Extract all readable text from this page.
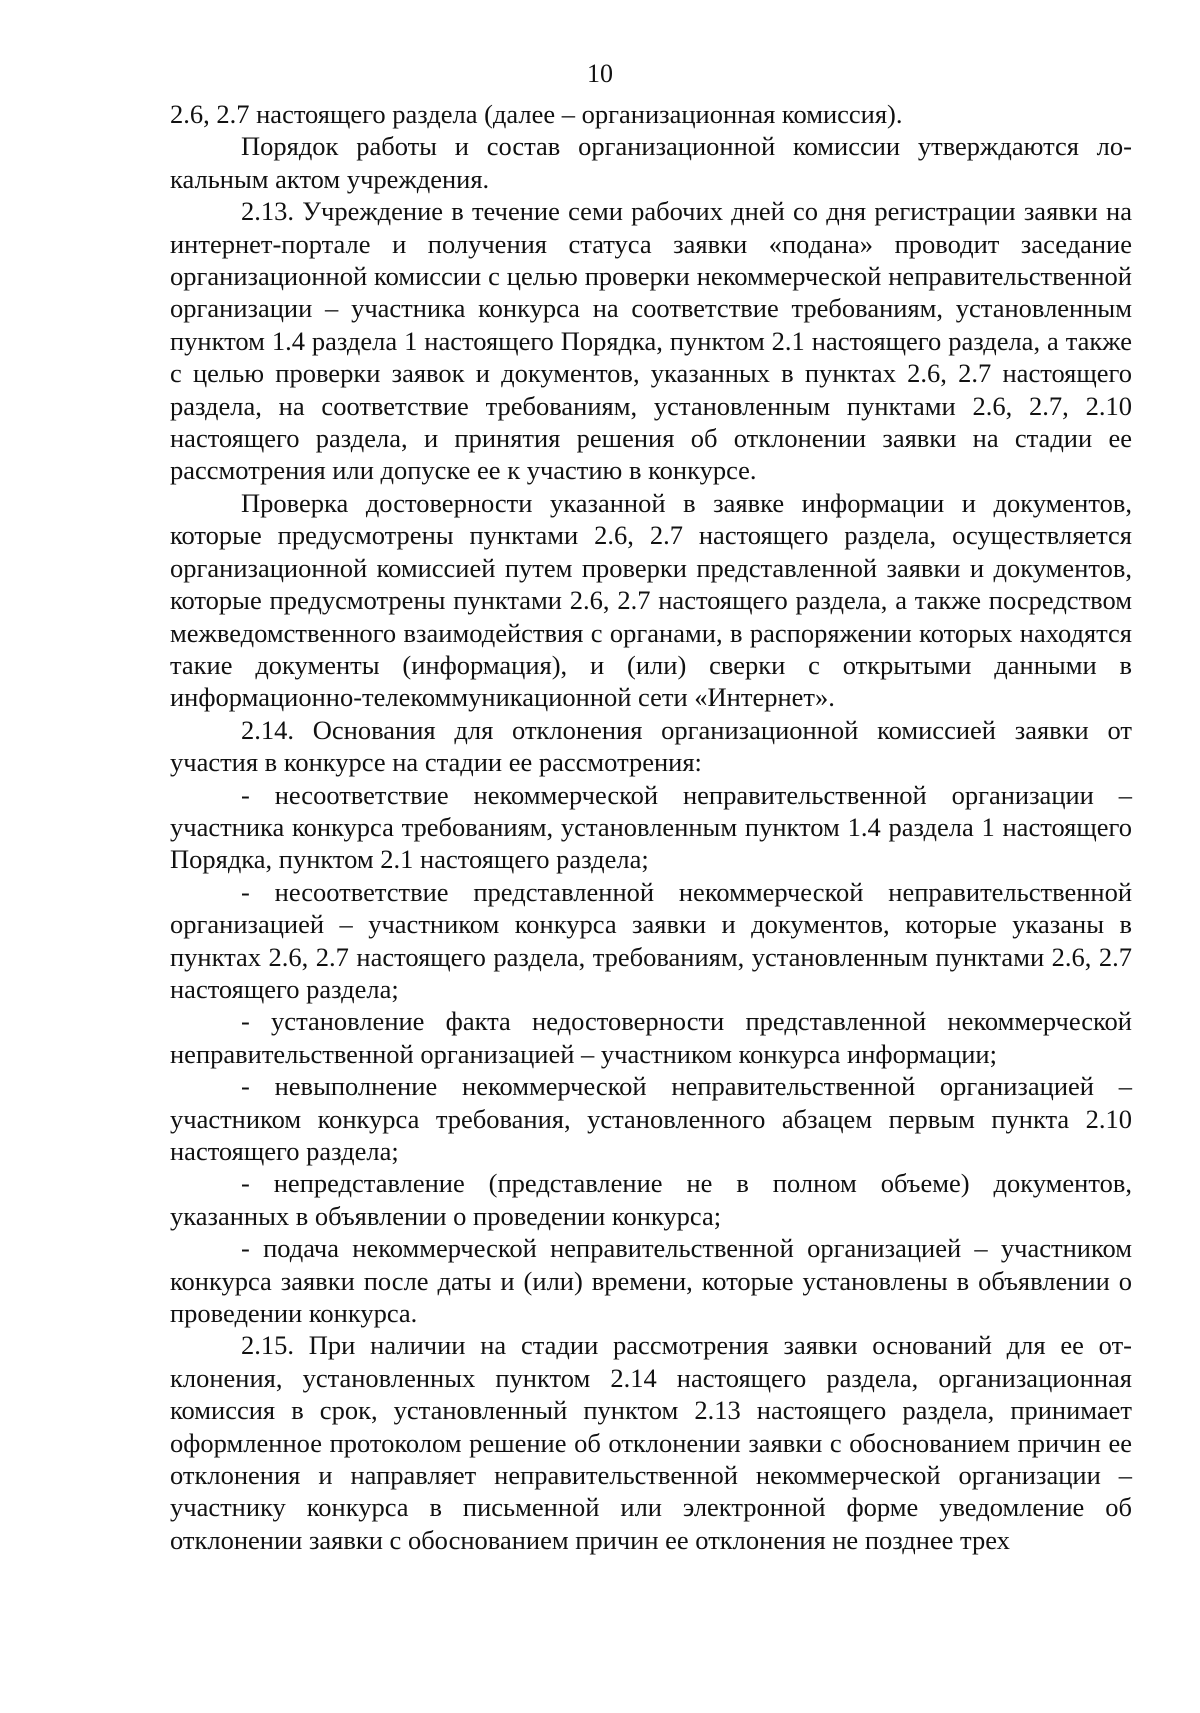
10

2.6, 2.7 настоящего раздела (далее – организационная комиссия).

Порядок работы и состав организационной комиссии утверждаются локальным актом учреждения.

2.13. Учреждение в течение семи рабочих дней со дня регистрации заявки на интернет-портале и получения статуса заявки «подана» проводит заседание организационной комиссии с целью проверки некоммерческой неправительственной организации – участника конкурса на соответствие требованиям, установленным пунктом 1.4 раздела 1 настоящего Порядка, пунктом 2.1 настоящего раздела, а также с целью проверки заявок и документов, указанных в пунктах 2.6, 2.7 настоящего раздела, на соответствие требованиям, установленным пунктами 2.6, 2.7, 2.10 настоящего раздела, и принятия решения об отклонении заявки на стадии ее рассмотрения или допуске ее к участию в конкурсе.

Проверка достоверности указанной в заявке информации и документов, которые предусмотрены пунктами 2.6, 2.7 настоящего раздела, осуществляется организационной комиссией путем проверки представленной заявки и документов, которые предусмотрены пунктами 2.6, 2.7 настоящего раздела, а также посредством межведомственного взаимодействия с органами, в распоряжении которых находятся такие документы (информация), и (или) сверки с открытыми данными в информационно-телекоммуникационной сети «Интернет».

2.14. Основания для отклонения организационной комиссией заявки от участия в конкурсе на стадии ее рассмотрения:

- несоответствие некоммерческой неправительственной организации – участника конкурса требованиям, установленным пунктом 1.4 раздела 1 настоящего Порядка, пунктом 2.1 настоящего раздела;

- несоответствие представленной некоммерческой неправительственной организацией – участником конкурса заявки и документов, которые указаны в пунктах 2.6, 2.7 настоящего раздела, требованиям, установленным пунктами 2.6, 2.7 настоящего раздела;

- установление факта недостоверности представленной некоммерческой неправительственной организацией – участником конкурса информации;

- невыполнение некоммерческой неправительственной организацией – участником конкурса требования, установленного абзацем первым пункта 2.10 настоящего раздела;

- непредставление (представление не в полном объеме) документов, указанных в объявлении о проведении конкурса;

- подача некоммерческой неправительственной организацией – участником конкурса заявки после даты и (или) времени, которые установлены в объявлении о проведении конкурса.

2.15. При наличии на стадии рассмотрения заявки оснований для ее отклонения, установленных пунктом 2.14 настоящего раздела, организационная комиссия в срок, установленный пунктом 2.13 настоящего раздела, принимает оформленное протоколом решение об отклонении заявки с обоснованием причин ее отклонения и направляет неправительственной некоммерческой организации – участнику конкурса в письменной или электронной форме уведомление об отклонении заявки с обоснованием причин ее отклонения не позднее трех
